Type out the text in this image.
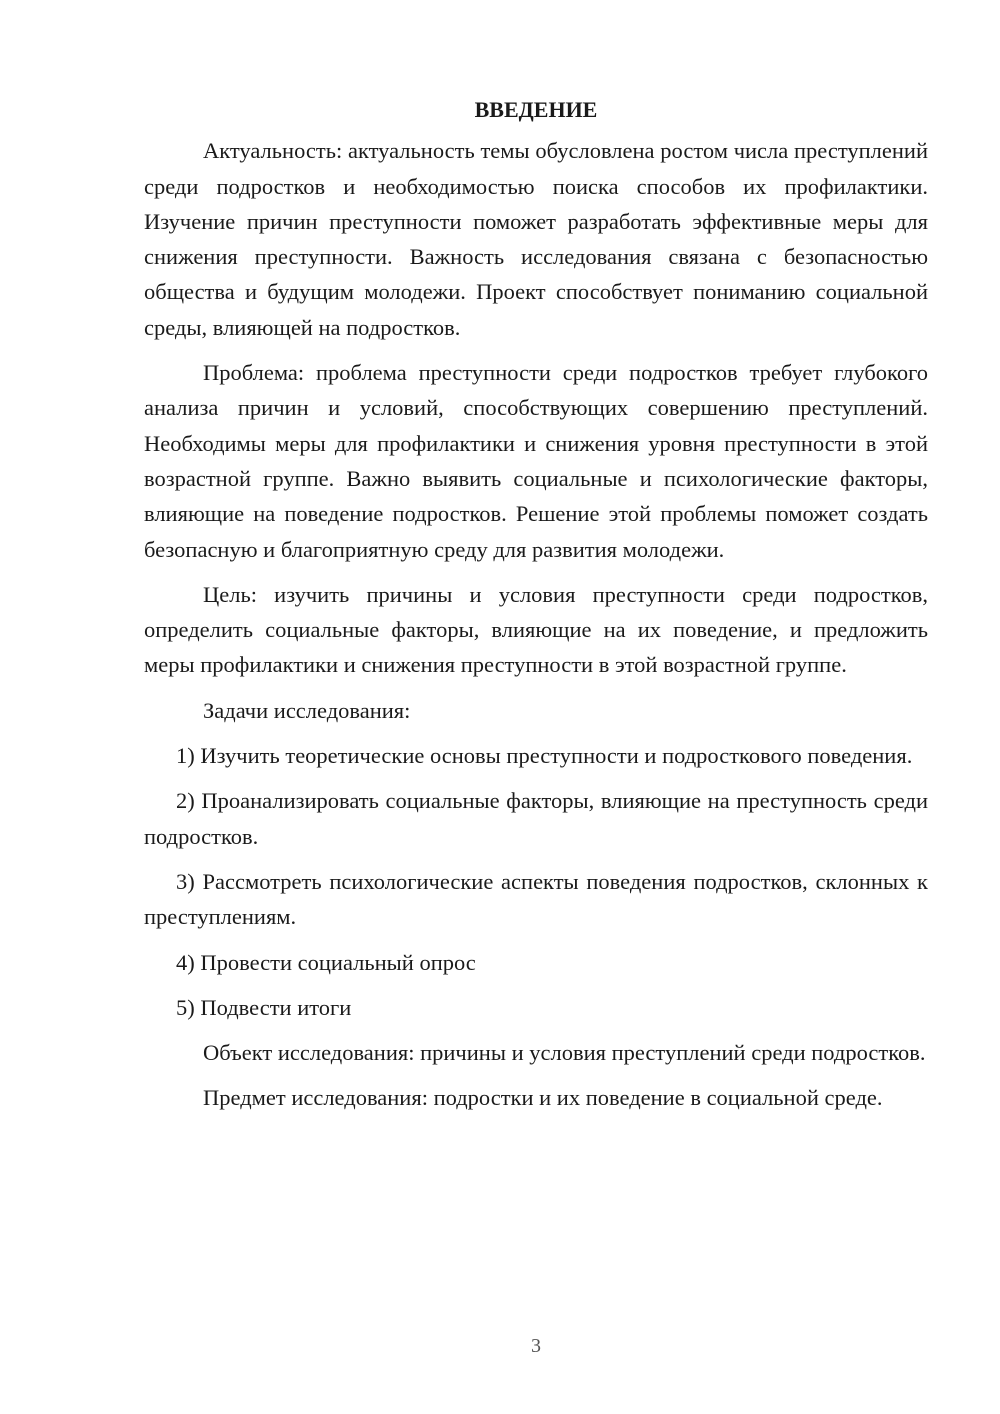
ВВЕДЕНИЕ

Актуальность: актуальность темы обусловлена ростом числа преступлений среди подростков и необходимостью поиска способов их профилактики. Изучение причин преступности поможет разработать эффективные меры для снижения преступности. Важность исследования связана с безопасностью общества и будущим молодежи. Проект способствует пониманию социальной среды, влияющей на подростков.

Проблема: проблема преступности среди подростков требует глубокого анализа причин и условий, способствующих совершению преступлений. Необходимы меры для профилактики и снижения уровня преступности в этой возрастной группе. Важно выявить социальные и психологические факторы, влияющие на поведение подростков. Решение этой проблемы поможет создать безопасную и благоприятную среду для развития молодежи.

Цель: изучить причины и условия преступности среди подростков, определить социальные факторы, влияющие на их поведение, и предложить меры профилактики и снижения преступности в этой возрастной группе.

Задачи исследования:

1) Изучить теоретические основы преступности и подросткового поведения.

2) Проанализировать социальные факторы, влияющие на преступность среди подростков.

3) Рассмотреть психологические аспекты поведения подростков, склонных к преступлениям.

4) Провести социальный опрос

5) Подвести итоги

Объект исследования: причины и условия преступлений среди подростков.

Предмет исследования: подростки и их поведение в социальной среде.

3
